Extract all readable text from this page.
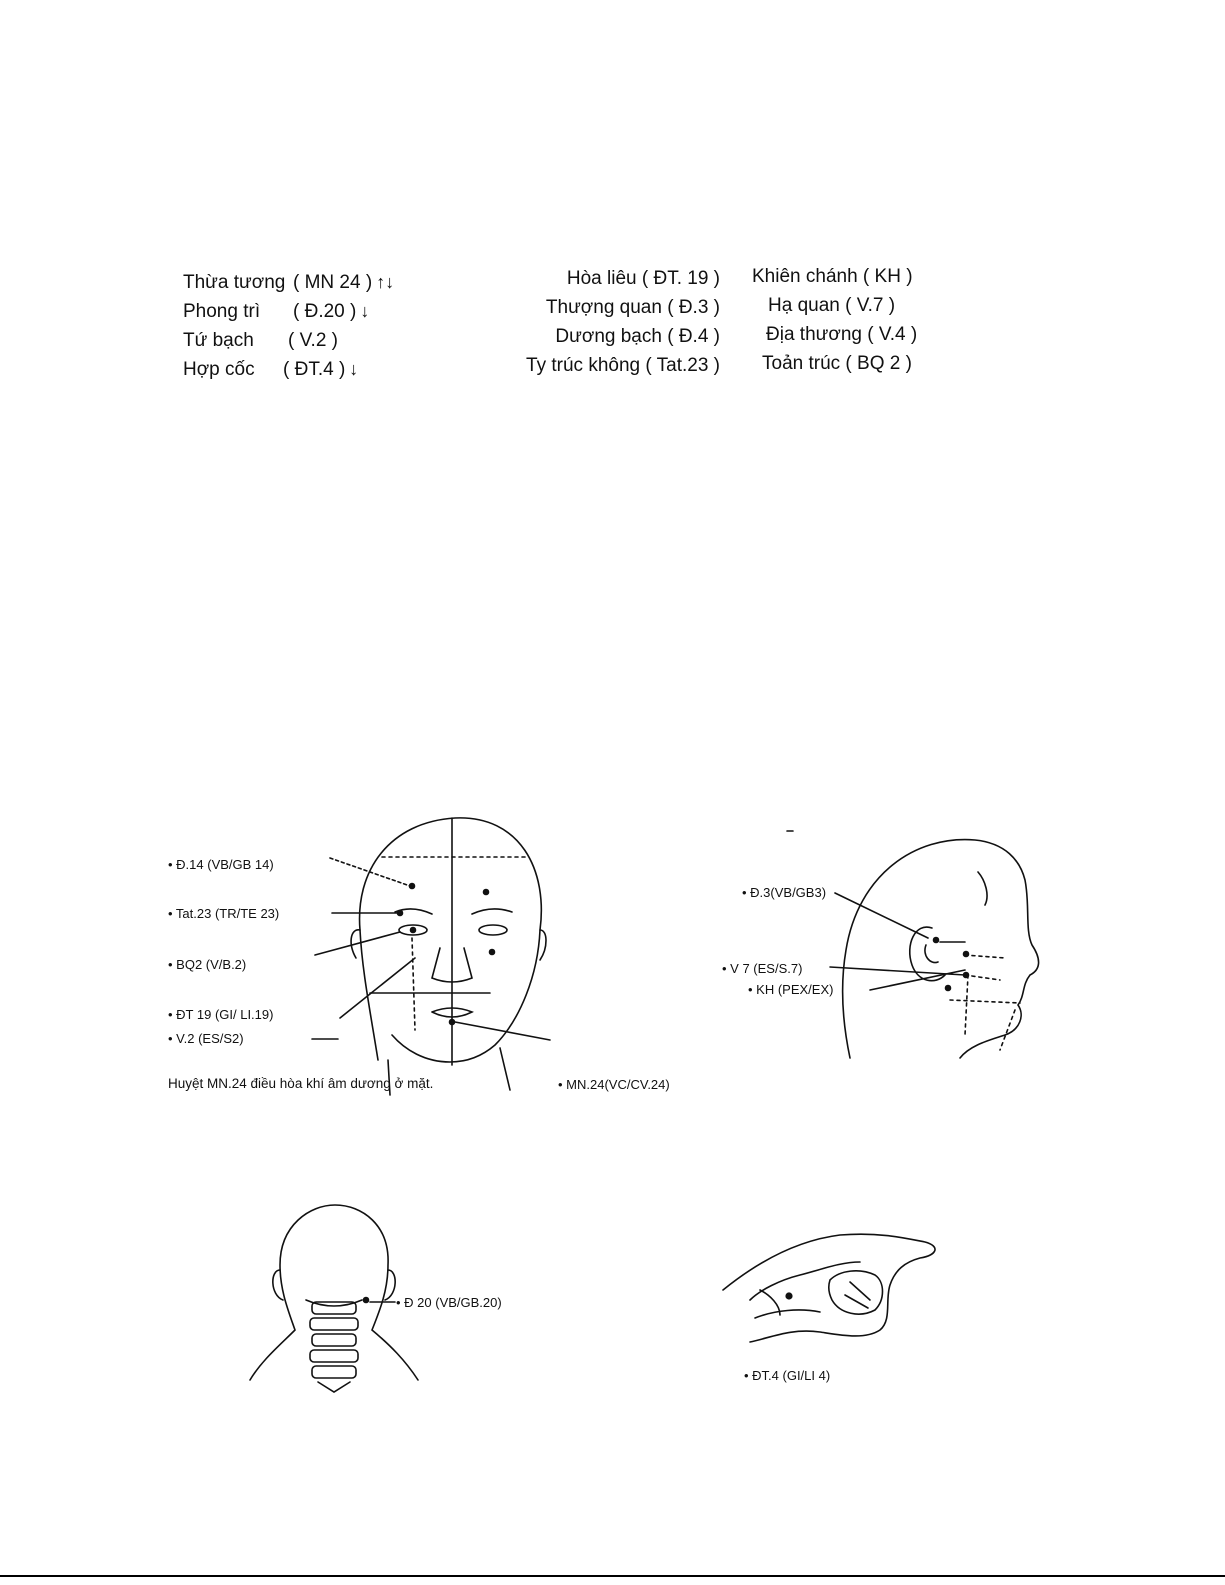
Thừa tương ( MN 24 ) ↑↓
Phong trì ( Đ.20 ) ↓
Tứ bạch ( V.2 )
Hợp cốc ( ĐT.4 ) ↓
Hòa liêu ( ĐT. 19 )
Thượng quan ( Đ.3 )
Dương bạch ( Đ.4 )
Ty trúc không ( Tat.23 )
Khiên chánh ( KH )
Hạ quan ( V.7 )
Địa thương ( V.4 )
Toản trúc ( BQ 2 )
• Đ.14 (VB/GB 14)
• Tat.23 (TR/TE 23)
• BQ2 (V/B.2)
• ĐT 19 (GI/ LI.19)
• V.2 (ES/S2)
Huyệt MN.24 điều hòa khí âm dương ở mặt.	• MN.24(VC/CV.24)
• Đ.3(VB/GB3)
• V 7 (ES/S.7)
• KH (PEX/EX)
• Đ 20 (VB/GB.20)
• ĐT.4 (GI/LI 4)
